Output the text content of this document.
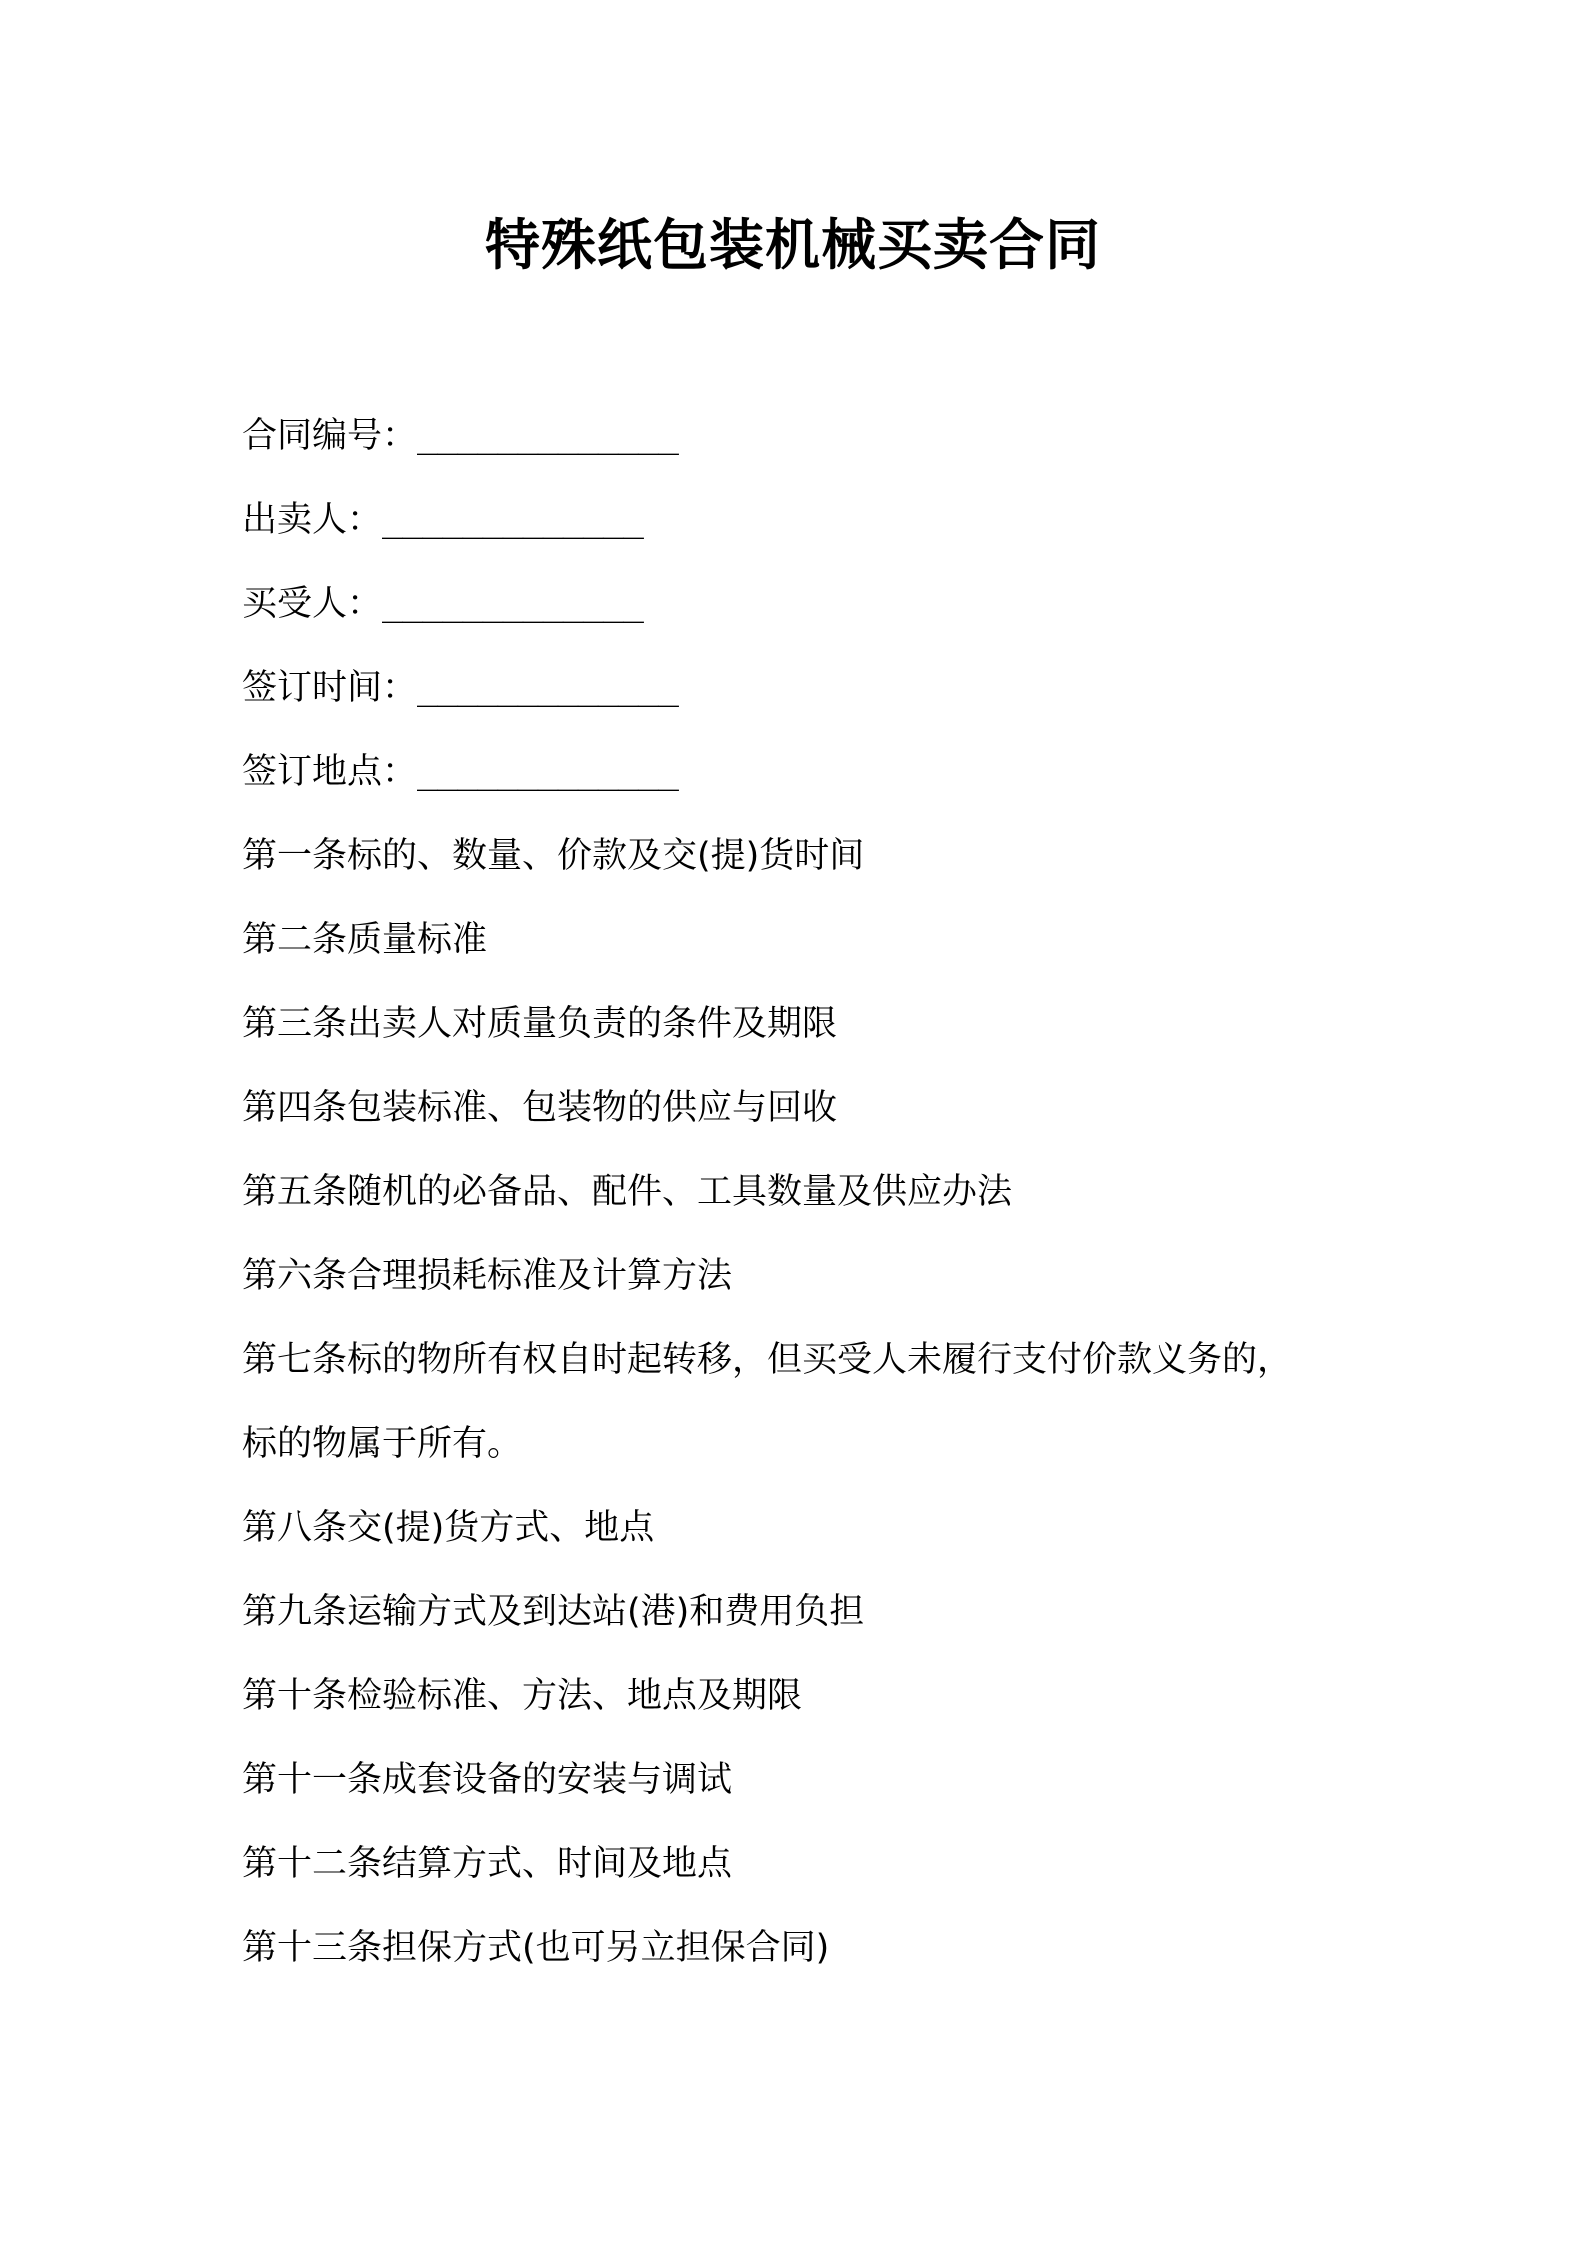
特殊纸包装机械买卖合同
合同编号：_____________
出卖人：_____________
买受人：_____________
签订时间：_____________
签订地点：_____________
第一条标的、数量、价款及交(提)货时间
第二条质量标准
第三条出卖人对质量负责的条件及期限
第四条包装标准、包装物的供应与回收
第五条随机的必备品、配件、工具数量及供应办法
第六条合理损耗标准及计算方法
第七条标的物所有权自时起转移，但买受人未履行支付价款义务的，
标的物属于所有。
第八条交(提)货方式、地点
第九条运输方式及到达站(港)和费用负担
第十条检验标准、方法、地点及期限
第十一条成套设备的安装与调试
第十二条结算方式、时间及地点
第十三条担保方式(也可另立担保合同)
